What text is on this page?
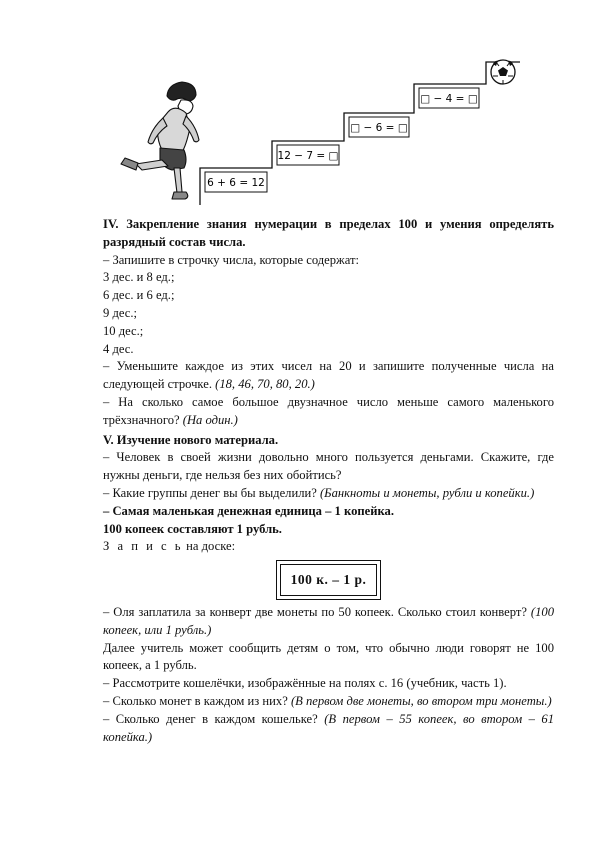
6 + 6 = 12
12 − 7 = □
□ − 6 = □
□ − 4 = □

IV. Закрепление знания нумерации в пределах 100 и умения определять разрядный состав числа.

– Запишите в строчку числа, которые содержат:

3 дес. и 8 ед.;

6 дес. и 6 ед.;

9 дес.;

10 дес.;

4 дес.

– Уменьшите каждое из этих чисел на 20 и запишите полученные числа на следующей строчке. (18, 46, 70, 80, 20.)

– На сколько самое большое двузначное число меньше самого маленького трёхзначного? (На один.)

V. Изучение нового материала.

– Человек в своей жизни довольно много пользуется деньгами. Скажите, где нужны деньги, где нельзя без них обойтись?

– Какие группы денег вы бы выделили? (Банкноты и монеты, рубли и копейки.)

– Самая маленькая денежная единица – 1 копейка.

100 копеек составляют 1 рубль.

З а п и с ь на доске:

100 к. – 1 р.

– Оля заплатила за конверт две монеты по 50 копеек. Сколько стоил конверт? (100 копеек, или 1 рубль.)

Далее учитель может сообщить детям о том, что обычно люди говорят не 100 копеек, а 1 рубль.

– Рассмотрите кошелёчки, изображённые на полях с. 16 (учебник, часть 1).

– Сколько монет в каждом из них? (В первом две монеты, во втором три монеты.)

– Сколько денег в каждом кошельке? (В первом – 55 копеек, во втором – 61 копейка.)
